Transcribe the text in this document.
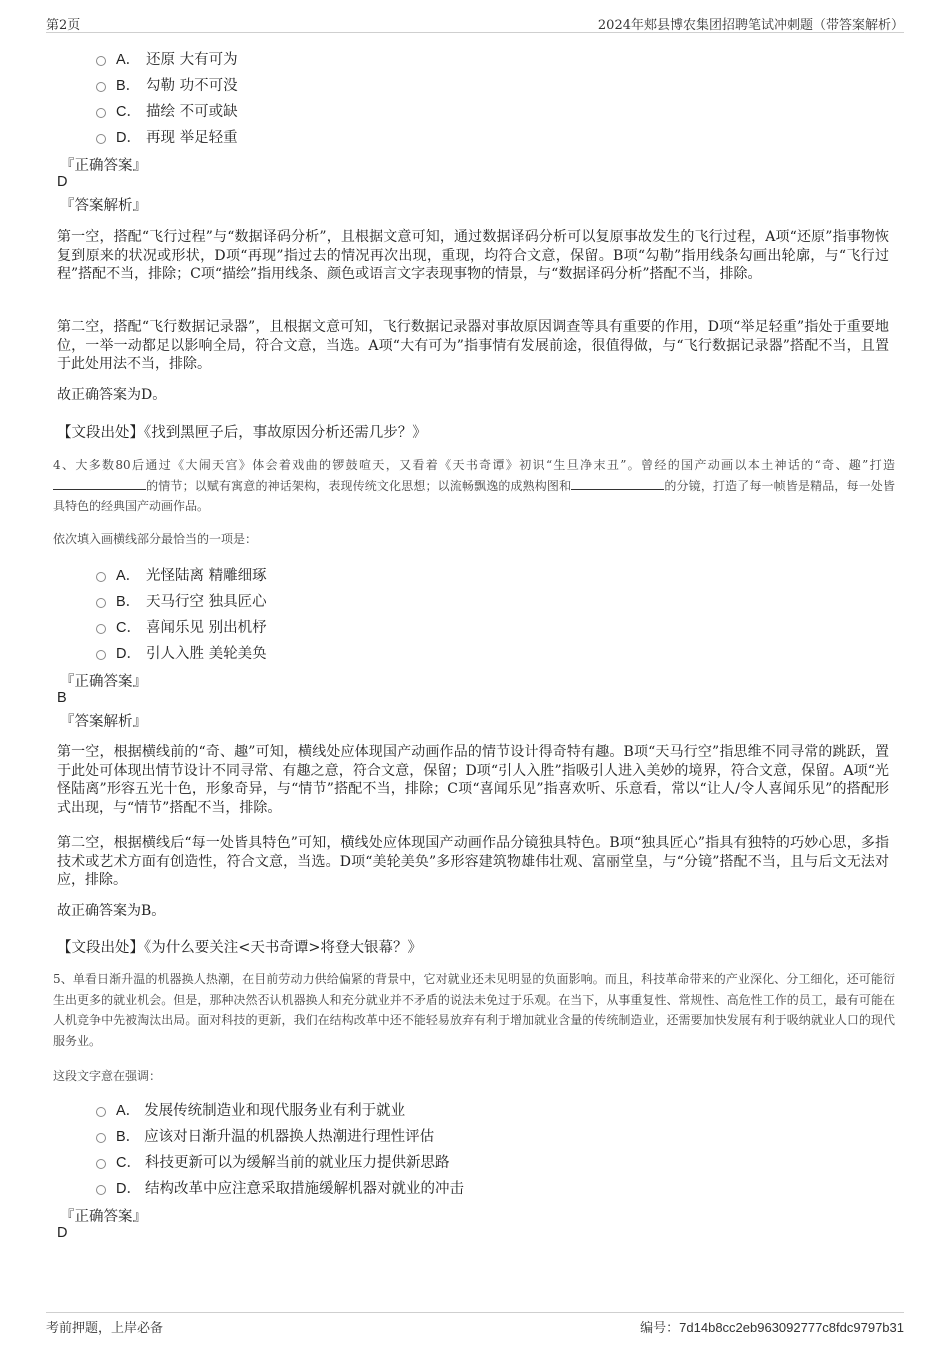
第2页	2024年郏县博农集团招聘笔试冲刺题（带答案解析）
A． 还原 大有可为
B． 勾勒 功不可没
C． 描绘 不可或缺
D． 再现 举足轻重
『正确答案』
D
『答案解析』
第一空，搭配“飞行过程”与“数据译码分析”，且根据文意可知，通过数据译码分析可以复原事故发生的飞行过程，A项“还原”指事物恢复到原来的状况或形状，D项“再现”指过去的情况再次出现，重现，均符合文意，保留。B项“勾勒”指用线条勾画出轮廓，与“飞行过程”搭配不当，排除；C项“描绘”指用线条、颜色或语言文字表现事物的情景，与“数据译码分析”搭配不当，排除。
第二空，搭配“飞行数据记录器”，且根据文意可知，飞行数据记录器对事故原因调查等具有重要的作用，D项“举足轻重”指处于重要地位，一举一动都足以影响全局，符合文意，当选。A项“大有可为”指事情有发展前途，很值得做，与“飞行数据记录器”搭配不当，且置于此处用法不当，排除。
故正确答案为D。
【文段出处】《找到黑匣子后，事故原因分析还需几步？》
4、大多数80后通过《大闹天宫》体会着戏曲的锣鼓喧天，又看着《天书奇谭》初识“生旦净末丑”。曾经的国产动画以本土神话的“奇、趣”打造的情节；以赋有寓意的神话架构，表现传统文化思想；以流畅飘逸的成熟构图和	的分镜，打造了每一帧皆是精品，每一处皆具特色的经典国产动画作品。
依次填入画横线部分最恰当的一项是：
A． 光怪陆离 精雕细琢
B． 天马行空 独具匠心
C． 喜闻乐见 别出机杼
D． 引人入胜 美轮美奂
『正确答案』
B
『答案解析』
第一空，根据横线前的“奇、趣”可知，横线处应体现国产动画作品的情节设计得奇特有趣。B项“天马行空”指思维不同寻常的跳跃，置于此处可体现出情节设计不同寻常、有趣之意，符合文意，保留；D项“引人入胜”指吸引人进入美妙的境界，符合文意，保留。A项“光怪陆离”形容五光十色，形象奇异，与“情节”搭配不当，排除；C项“喜闻乐见”指喜欢听、乐意看，常以“让人/令人喜闻乐见”的搭配形式出现，与“情节”搭配不当，排除。
第二空，根据横线后“每一处皆具特色”可知，横线处应体现国产动画作品分镜独具特色。B项“独具匠心”指具有独特的巧妙心思，多指技术或艺术方面有创造性，符合文意，当选。D项“美轮美奂”多形容建筑物雄伟壮观、富丽堂皇，与“分镜”搭配不当，且与后文无法对应，排除。
故正确答案为B。
【文段出处】《为什么要关注<天书奇谭>将登大银幕？》
5、单看日渐升温的机器换人热潮，在目前劳动力供给偏紧的背景中，它对就业还未见明显的负面影响。而且，科技革命带来的产业深化、分工细化，还可能衍生出更多的就业机会。但是，那种决然否认机器换人和充分就业并不矛盾的说法未免过于乐观。在当下，从事重复性、常规性、高危性工作的员工，最有可能在人机竞争中先被淘汰出局。面对科技的更新，我们在结构改革中还不能轻易放弃有利于增加就业含量的传统制造业，还需要加快发展有利于吸纳就业人口的现代服务业。
这段文字意在强调：
A． 发展传统制造业和现代服务业有利于就业
B． 应该对日渐升温的机器换人热潮进行理性评估
C． 科技更新可以为缓解当前的就业压力提供新思路
D． 结构改革中应注意采取措施缓解机器对就业的冲击
『正确答案』
D
考前押题，上岸必备	编号：7d14b8cc2eb963092777c8fdc9797b31
